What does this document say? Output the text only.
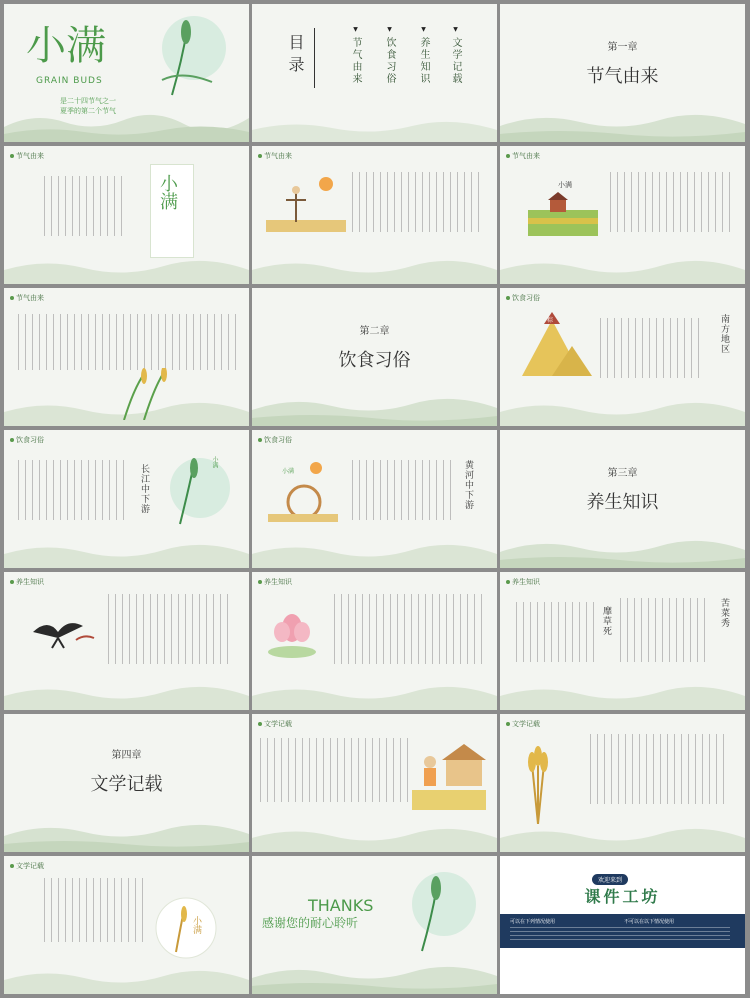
小满
GRAIN BUDS
是二十四节气之一
夏季的第二个节气
目录	▼ 节气由来 ▼ 饮食习俗 ▼ 养生知识 ▼ 文学记载	第一章
节气由来
节气由来
小满
节气由来	节气由来
小满
节气由来
第二章
饮食习俗
饮食习俗
粽	南方地区
饮食习俗
长江中下游
小满
饮食习俗
小满	黄河中下游	第三章
养生知识
养生知识	养生知识	养生知识
靡草死	苦菜秀
第四章
文学记载
文学记载	文学记载
文学记载
小满
THANKS
感谢您的耐心聆听
欢迎来到
课件工坊
可以在下列情况使用	不可以在以下情况使用
